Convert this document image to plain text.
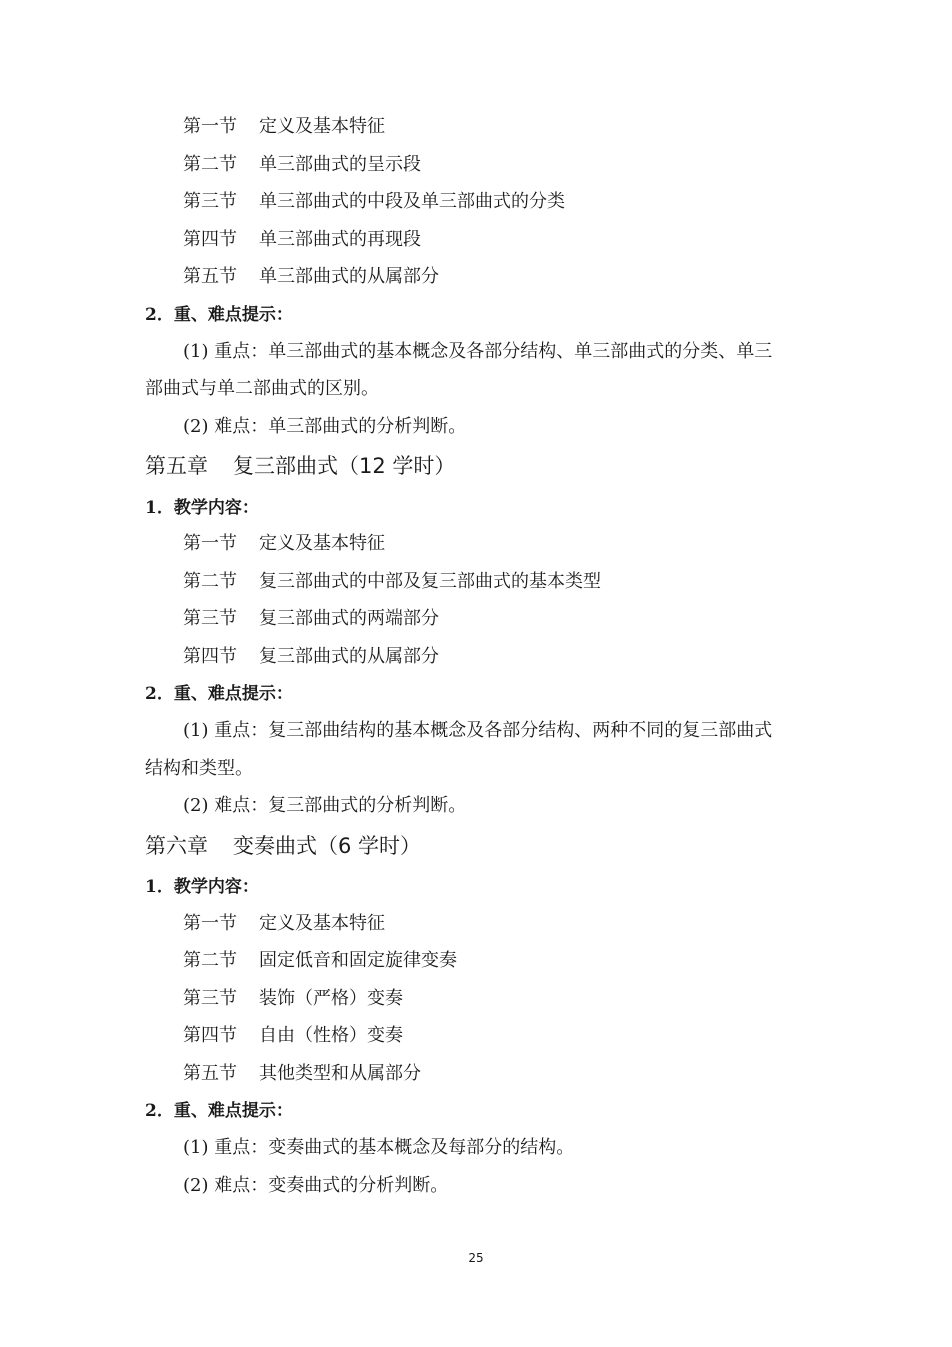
第一节 定义及基本特征
第二节 单三部曲式的呈示段
第三节 单三部曲式的中段及单三部曲式的分类
第四节 单三部曲式的再现段
第五节 单三部曲式的从属部分
2．重、难点提示：
(1) 重点：单三部曲式的基本概念及各部分结构、单三部曲式的分类、单三
部曲式与单二部曲式的区别。
(2) 难点：单三部曲式的分析判断。
第五章 复三部曲式（12 学时）
1．教学内容：
第一节 定义及基本特征
第二节 复三部曲式的中部及复三部曲式的基本类型
第三节 复三部曲式的两端部分
第四节 复三部曲式的从属部分
2．重、难点提示：
(1) 重点：复三部曲结构的基本概念及各部分结构、两种不同的复三部曲式
结构和类型。
(2) 难点：复三部曲式的分析判断。
第六章 变奏曲式（6 学时）
1．教学内容：
第一节 定义及基本特征
第二节 固定低音和固定旋律变奏
第三节 装饰（严格）变奏
第四节 自由（性格）变奏
第五节 其他类型和从属部分
2．重、难点提示：
(1) 重点：变奏曲式的基本概念及每部分的结构。
(2) 难点：变奏曲式的分析判断。
25
